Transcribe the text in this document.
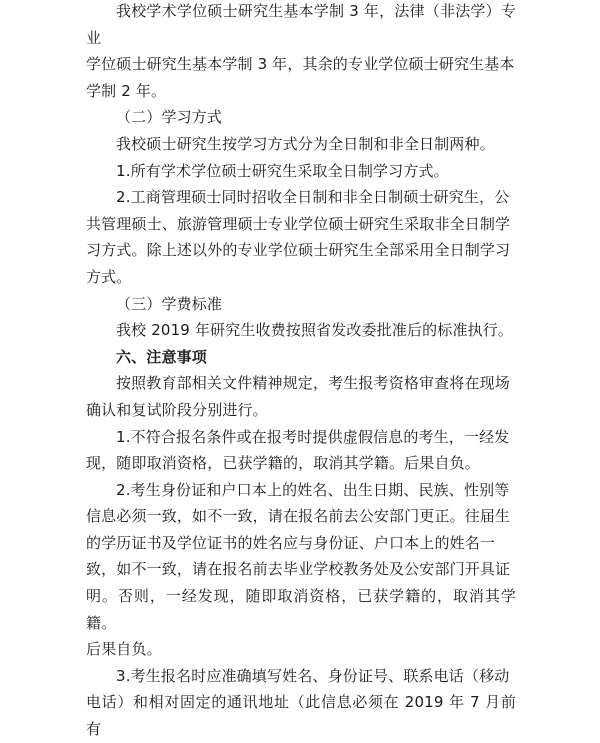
我校学术学位硕士研究生基本学制 3 年，法律（非法学）专业
学位硕士研究生基本学制 3 年，其余的专业学位硕士研究生基本
学制 2 年。

（二）学习方式

我校硕士研究生按学习方式分为全日制和非全日制两种。

1.所有学术学位硕士研究生采取全日制学习方式。

2.工商管理硕士同时招收全日制和非全日制硕士研究生，公
共管理硕士、旅游管理硕士专业学位硕士研究生采取非全日制学
习方式。除上述以外的专业学位硕士研究生全部采用全日制学习
方式。

（三）学费标准

我校 2019 年研究生收费按照省发改委批准后的标准执行。

六、注意事项

按照教育部相关文件精神规定，考生报考资格审查将在现场
确认和复试阶段分别进行。

1.不符合报名条件或在报考时提供虚假信息的考生，一经发
现，随即取消资格，已获学籍的，取消其学籍。后果自负。

2.考生身份证和户口本上的姓名、出生日期、民族、性别等
信息必须一致，如不一致，请在报名前去公安部门更正。往届生
的学历证书及学位证书的姓名应与身份证、户口本上的姓名一
致，如不一致，请在报名前去毕业学校教务处及公安部门开具证
明。否则，一经发现，随即取消资格，已获学籍的，取消其学籍。
后果自负。

3.考生报名时应准确填写姓名、身份证号、联系电话（移动
电话）和相对固定的通讯地址（此信息必须在 2019 年 7 月前有
